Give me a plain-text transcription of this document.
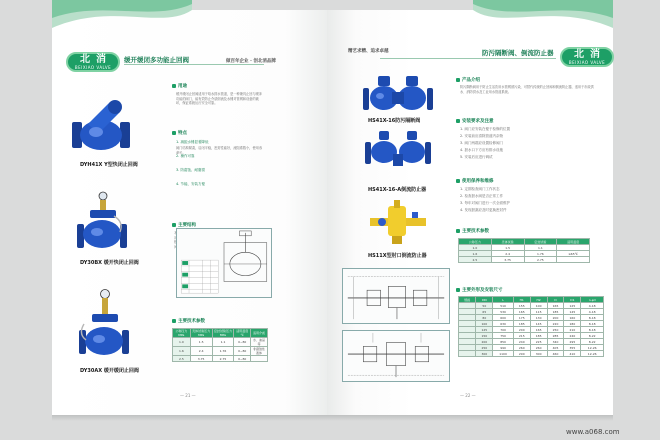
北消
BEIXIAO VALVE
缓开缓闭多功能止回阀	做百年企业 · 创北消品牌
DYH41X Y型快闭止回阀
DY30BX 缓开快闭止回阀
DY30AX 缓开缓闭止回阀
用途
缓开缓闭止回阀适用于给水排水管道，是一种兼具止回与缓冲功能的阀门，能有效防止介质倒流及水锤对管网和设备的破坏，保证系统运行安全可靠。
特点
1. 减振水锤显著降低
2. 操作可靠
3. 防腐蚀、耐磨损
4. 节能、安装方便
阀门结构紧凑，启闭平稳，密封性能好，流阻系数小，使用寿命长。
主要结构
本阀由阀体、阀盖、阀瓣、缓冲装置、控制管路等组成，可根据需要调节开启及关闭时间。
主要技术参数
公称压力 MPa	壳体试验压力 MPa	密封试验压力 MPa	适用温度 ℃	适用介质
1.0	1.5	1.1	0~80	水、油品等
1.6	2.4	1.76	0~80	非腐蚀性液体
2.5	3.75	2.75	0~80	
— 21 —
精艺求精、追求卓越	防污隔断阀、倒流防止器	北消
BEIXIAO VALVE
HS41X-16防污隔断阀
HS41X-16-A倒流防止器
HS11X型肘口倒流防止器
产品介绍
防污隔断阀用于防止生活饮用水管网被污染，可替代传统的止回阀和倒流防止器，适用于市政供水、消防供水及工业用水管道系统。
安装要求及注意
1. 阀门应安装在便于检修的位置
2. 安装前应清除管道内杂物
3. 阀门两端应设置检修阀门
4. 泄水口下方应有排水设施
5. 安装后应进行调试
使用保养和维修
1. 定期检查阀门工作状态
2. 检查泄水阀是否正常工作
3. 每年对阀门进行一次全面维护
4. 发现泄漏应及时更换密封件
主要技术参数
公称压力	壳体试验	密封试验	适用温度
1.0	1.5	1.1	
1.6	2.4	1.76	≤65℃
2.5	3.75	2.75	
主要外形及安装尺寸
规格	DN	L	H1	H2	D	D1	n-φd
	50	510	155	100	165	125	4-18
	65	530	165	115	185	145	4-18
	80	600	175	130	200	160	8-18
	100	630	185	145	220	180	8-18
	125	700	200	165	250	210	8-18
	150	750	215	185	285	240	8-22
	200	850	240	225	340	295	8-22
	250	990	260	260	405	355	12-26
	300	1100	290	300	460	410	12-26
— 22 —
www.a068.com
